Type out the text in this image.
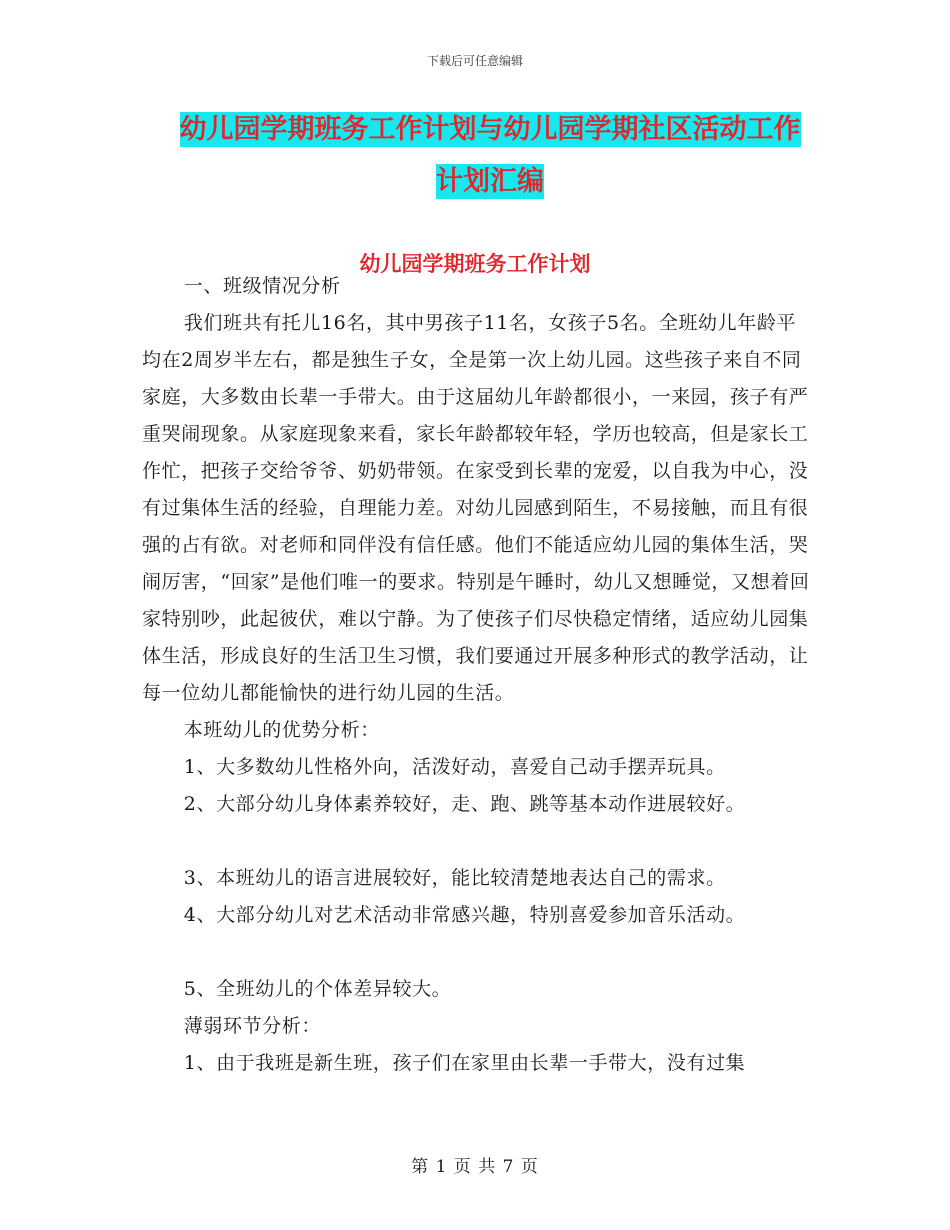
下载后可任意编辑
幼儿园学期班务工作计划与幼儿园学期社区活动工作
计划汇编
幼儿园学期班务工作计划

一、班级情况分析

我们班共有托儿16名，其中男孩子11名，女孩子5名。全班幼儿年龄平均在2周岁半左右，都是独生子女，全是第一次上幼儿园。这些孩子来自不同家庭，大多数由长辈一手带大。由于这届幼儿年龄都很小，一来园，孩子有严重哭闹现象。从家庭现象来看，家长年龄都较年轻，学历也较高，但是家长工作忙，把孩子交给爷爷、奶奶带领。在家受到长辈的宠爱，以自我为中心，没有过集体生活的经验，自理能力差。对幼儿园感到陌生，不易接触，而且有很强的占有欲。对老师和同伴没有信任感。他们不能适应幼儿园的集体生活，哭闹厉害，“回家”是他们唯一的要求。特别是午睡时，幼儿又想睡觉，又想着回家特别吵，此起彼伏，难以宁静。为了使孩子们尽快稳定情绪，适应幼儿园集体生活，形成良好的生活卫生习惯，我们要通过开展多种形式的教学活动，让每一位幼儿都能愉快的进行幼儿园的生活。

本班幼儿的优势分析：

1、大多数幼儿性格外向，活泼好动，喜爱自己动手摆弄玩具。

2、大部分幼儿身体素养较好，走、跑、跳等基本动作进展较好。

3、本班幼儿的语言进展较好，能比较清楚地表达自己的需求。

4、大部分幼儿对艺术活动非常感兴趣，特别喜爱参加音乐活动。

5、全班幼儿的个体差异较大。

薄弱环节分析：

1、由于我班是新生班，孩子们在家里由长辈一手带大，没有过集

第 1 页 共 7 页
